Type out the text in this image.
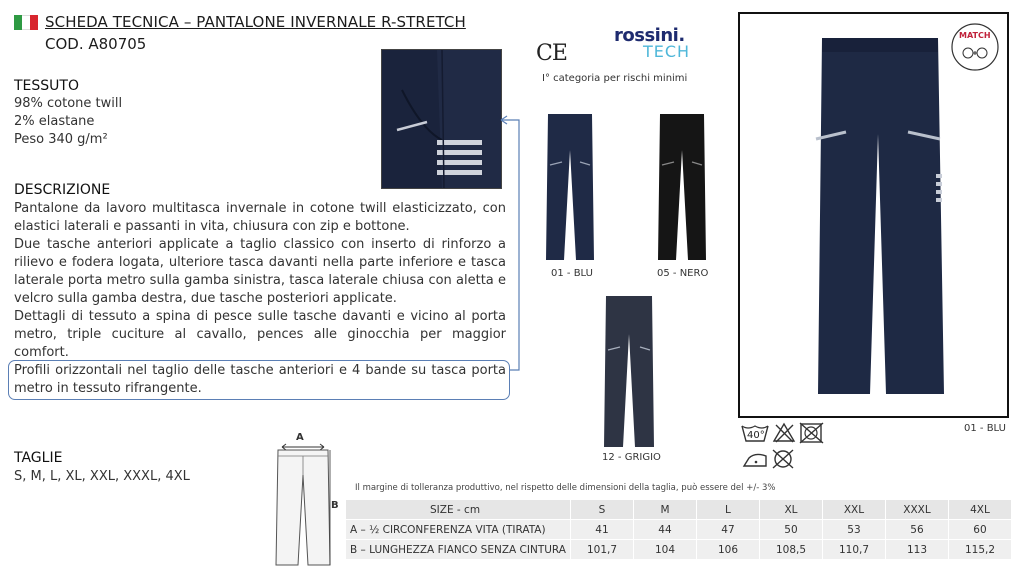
SCHEDA TECNICA – PANTALONE INVERNALE R-STRETCH
COD. A80705
TESSUTO
98% cotone twill
2% elastane
Peso 340 g/m²
DESCRIZIONE

Pantalone da lavoro multitasca invernale in cotone twill elasticizzato, con elastici laterali e passanti in vita, chiusura con zip e bottone.

Due tasche anteriori applicate a taglio classico con inserto di rinforzo a rilievo e fodera logata, ulteriore tasca davanti nella parte inferiore e tasca laterale porta metro sulla gamba sinistra, tasca laterale chiusa con aletta e velcro sulla gamba destra, due tasche posteriori applicate.

Dettagli di tessuto a spina di pesce sulle tasche davanti e vicino al porta metro, triple cuciture al cavallo, pences alle ginocchia per maggior comfort.

Profili orizzontali nel taglio delle tasche anteriori e 4 bande su tasca porta metro in tessuto rifrangente.

TAGLIE
S, M, L, XL, XXL, XXXL, 4XL
A
B
CE
rossini.
TECH
I° categoria per rischi minimi
01 - BLU	05 - NERO
12 - GRIGIO
MATCH
01 - BLU
40°
Il margine di tolleranza produttivo, nel rispetto delle dimensioni della taglia, può essere del +/- 3%
SIZE - cm	S	M	L	XL	XXL	XXXL	4XL
A – ½ CIRCONFERENZA VITA (TIRATA)	41	44	47	50	53	56	60
B – LUNGHEZZA FIANCO SENZA CINTURA	101,7	104	106	108,5	110,7	113	115,2
